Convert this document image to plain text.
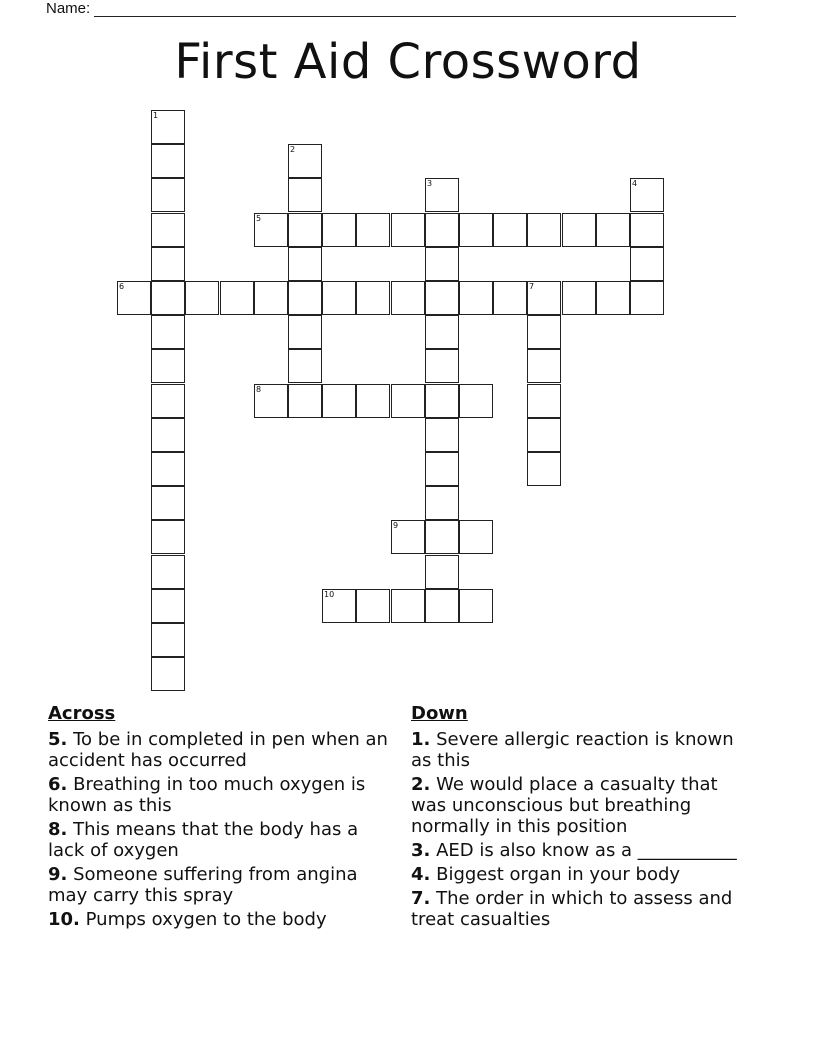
Name:
First Aid Crossword
1
2
3	4
5
6	7
8
9
10
Across
5. To be in completed in pen when an accident has occurred
6. Breathing in too much oxygen is known as this
8. This means that the body has a lack of oxygen
9. Someone suffering from angina may carry this spray
10. Pumps oxygen to the body
Down
1. Severe allergic reaction is known as this
2. We would place a casualty that was unconscious but breathing normally in this position
3. AED is also know as a ___________
4. Biggest organ in your body
7. The order in which to assess and treat casualties
